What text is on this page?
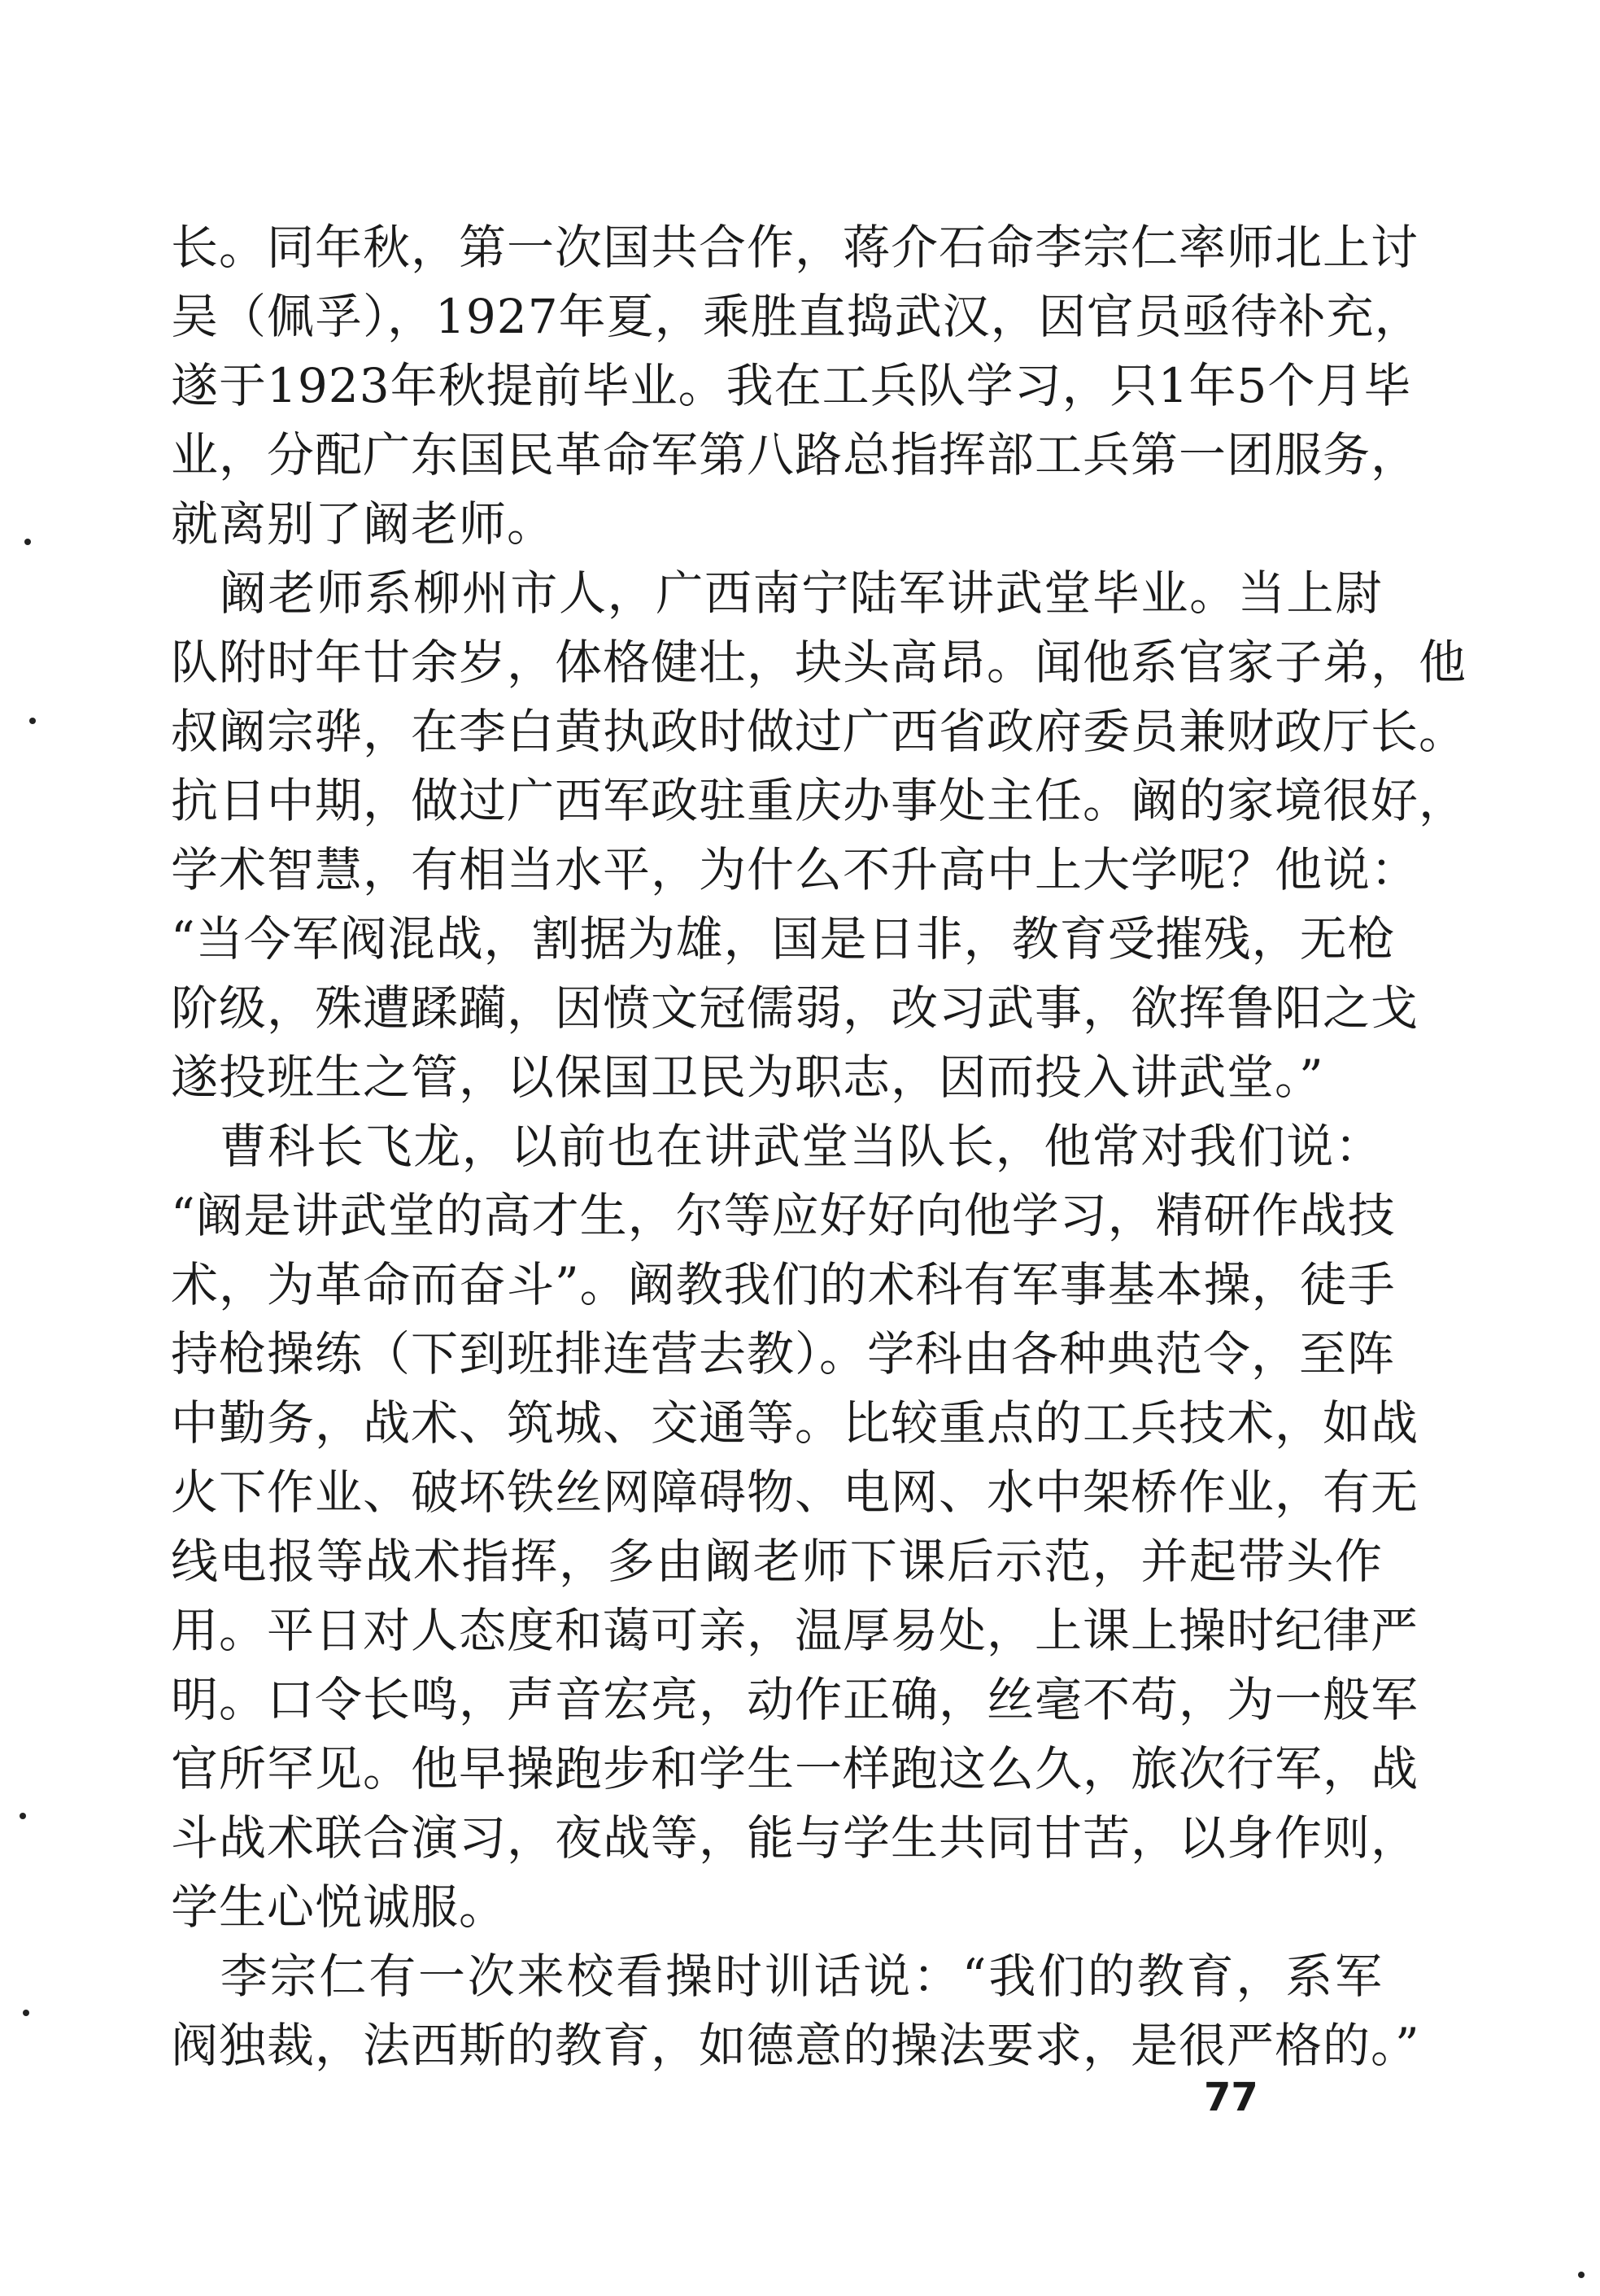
长。同年秋，第一次国共合作，蒋介石命李宗仁率师北上讨
吴（佩孚），1927年夏，乘胜直捣武汉，因官员亟待补充，
遂于1923年秋提前毕业。我在工兵队学习，只1年5个月毕
业，分配广东国民革命军第八路总指挥部工兵第一团服务，
就离别了阚老师。
　阚老师系柳州市人，广西南宁陆军讲武堂毕业。当上尉
队附时年廿余岁，体格健壮，块头高昂。闻他系官家子弟，他
叔阚宗骅，在李白黄执政时做过广西省政府委员兼财政厅长。
抗日中期，做过广西军政驻重庆办事处主任。阚的家境很好，
学术智慧，有相当水平，为什么不升高中上大学呢？他说：
“当今军阀混战，割据为雄，国是日非，教育受摧残，无枪
阶级，殊遭蹂躏，因愤文冠儒弱，改习武事，欲挥鲁阳之戈
遂投班生之管，以保国卫民为职志，因而投入讲武堂。”
　曹科长飞龙，以前也在讲武堂当队长，他常对我们说：
“阚是讲武堂的高才生，尔等应好好向他学习，精研作战技
术，为革命而奋斗”。阚教我们的术科有军事基本操，徒手
持枪操练（下到班排连营去教）。学科由各种典范令，至阵
中勤务，战术、筑城、交通等。比较重点的工兵技术，如战
火下作业、破坏铁丝网障碍物、电网、水中架桥作业，有无
线电报等战术指挥，多由阚老师下课后示范，并起带头作
用。平日对人态度和蔼可亲，温厚易处，上课上操时纪律严
明。口令长鸣，声音宏亮，动作正确，丝毫不苟，为一般军
官所罕见。他早操跑步和学生一样跑这么久，旅次行军，战
斗战术联合演习，夜战等，能与学生共同甘苦，以身作则，
学生心悦诚服。
　李宗仁有一次来校看操时训话说：“我们的教育，系军
阀独裁，法西斯的教育，如德意的操法要求，是很严格的。”
77
